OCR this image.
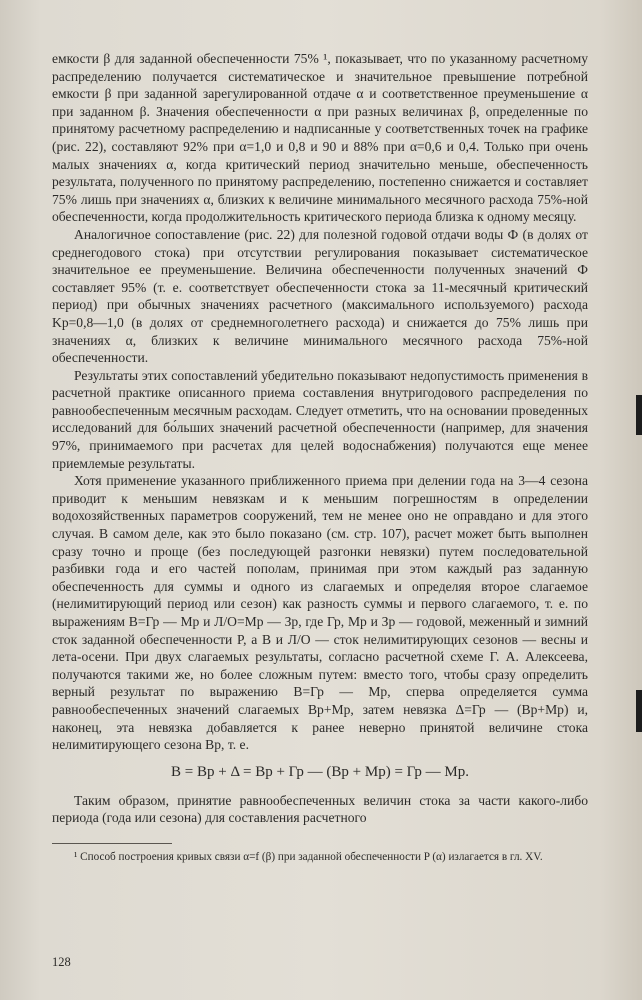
емкости β для заданной обеспеченности 75% ¹, показывает, что по указанному расчетному распределению получается систематическое и значительное превышение потребной емкости β при заданной зарегулированной отдаче α и соответственное преуменьшение α при заданном β. Значения обеспеченности α при разных величинах β, определенные по принятому расчетному распределению и надписанные у соответственных точек на графике (рис. 22), составляют 92% при α=1,0 и 0,8 и 90 и 88% при α=0,6 и 0,4. Только при очень малых значениях α, когда критический период значительно меньше, обеспеченность результата, полученного по принятому распределению, постепенно снижается и составляет 75% лишь при значениях α, близких к величине минимального месячного расхода 75%-ной обеспеченности, когда продолжительность критического периода близка к одному месяцу.

Аналогичное сопоставление (рис. 22) для полезной годовой отдачи воды Ф (в долях от среднегодового стока) при отсутствии регулирования показывает систематическое значительное ее преуменьшение. Величина обеспеченности полученных значений Ф составляет 95% (т. е. соответствует обеспеченности стока за 11-месячный критический период) при обычных значениях расчетного (максимального используемого) расхода Kр=0,8—1,0 (в долях от среднемноголетнего расхода) и снижается до 75% лишь при значениях α, близких к величине минимального месячного расхода 75%-ной обеспеченности.

Результаты этих сопоставлений убедительно показывают недопустимость применения в расчетной практике описанного приема составления внутригодового распределения по равнообеспеченным месячным расходам. Следует отметить, что на основании проведенных исследований для бо́льших значений расчетной обеспеченности (например, для значения 97%, принимаемого при расчетах для целей водоснабжения) получаются еще менее приемлемые результаты.

Хотя применение указанного приближенного приема при делении года на 3—4 сезона приводит к меньшим невязкам и к меньшим погрешностям в определении водохозяйственных параметров сооружений, тем не менее оно не оправдано и для этого случая. В самом деле, как это было показано (см. стр. 107), расчет может быть выполнен сразу точно и проще (без последующей разгонки невязки) путем последовательной разбивки года и его частей пополам, принимая при этом каждый раз заданную обеспеченность для суммы и одного из слагаемых и определяя второе слагаемое (нелимитирующий период или сезон) как разность суммы и первого слагаемого, т. е. по выражениям В=Гр — Мр и Л/О=Мр — Зр, где Гр, Мр и Зр — годовой, меженный и зимний сток заданной обеспеченности P, а В и Л/О — сток нелимитирующих сезонов — весны и лета-осени. При двух слагаемых результаты, согласно расчетной схеме Г. А. Алексеева, получаются такими же, но более сложным путем: вместо того, чтобы сразу определить верный результат по выражению В=Гр — Мр, сперва определяется сумма равнообеспеченных значений слагаемых Вр+Мр, затем невязка Δ=Гр — (Вр+Мр) и, наконец, эта невязка добавляется к ранее неверно принятой величине стока нелимитирующего сезона Вр, т. е.

В = Вр + Δ = Вр + Гр — (Вр + Мр) = Гр — Мр.

Таким образом, принятие равнообеспеченных величин стока за части какого-либо периода (года или сезона) для составления расчетного

¹ Способ построения кривых связи α=f (β) при заданной обеспеченности P (α) излагается в гл. XV.

128
